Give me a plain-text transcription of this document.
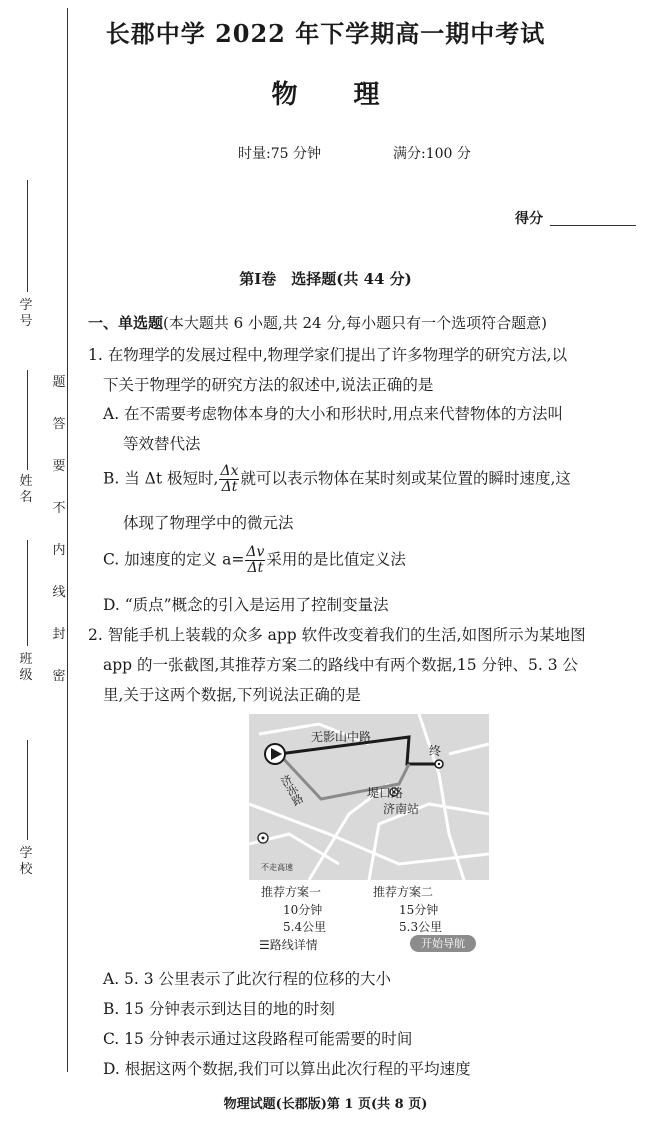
密
封
线
内
不
要
答
题
学号
姓名
班级
学校
长郡中学 2022 年下学期高一期中考试
物 理
时量:75 分钟	满分:100 分
得分
第Ⅰ卷　选择题(共 44 分)
一、单选题(本大题共 6 小题,共 24 分,每小题只有一个选项符合题意)
1. 在物理学的发展过程中,物理学家们提出了许多物理学的研究方法,以
下关于物理学的研究方法的叙述中,说法正确的是
A. 在不需要考虑物体本身的大小和形状时,用点来代替物体的方法叫
等效替代法
B. 当 Δt 极短时, $\frac{\Delta x}{\Delta t}$ 就可以表示物体在某时刻或某位置的瞬时速度,这
体现了物理学中的微元法
C. 加速度的定义 $a= \frac{\Delta v}{\Delta t}$ 采用的是比值定义法
D. “质点”概念的引入是运用了控制变量法
2. 智能手机上装载的众多 app 软件改变着我们的生活,如图所示为某地图
app 的一张截图,其推荐方案二的路线中有两个数据,15 分钟、5. 3 公
里,关于这两个数据,下列说法正确的是
无影山中路
济泺路	堤口路
济南站
终
不走高速
推荐方案一
10分钟
5.4公里
推荐方案二
15分钟
5.3公里
☰路线详情	开始导航
A. 5. 3 公里表示了此次行程的位移的大小
B. 15 分钟表示到达目的地的时刻
C. 15 分钟表示通过这段路程可能需要的时间
D. 根据这两个数据,我们可以算出此次行程的平均速度
物理试题(长郡版)第 1 页(共 8 页)
